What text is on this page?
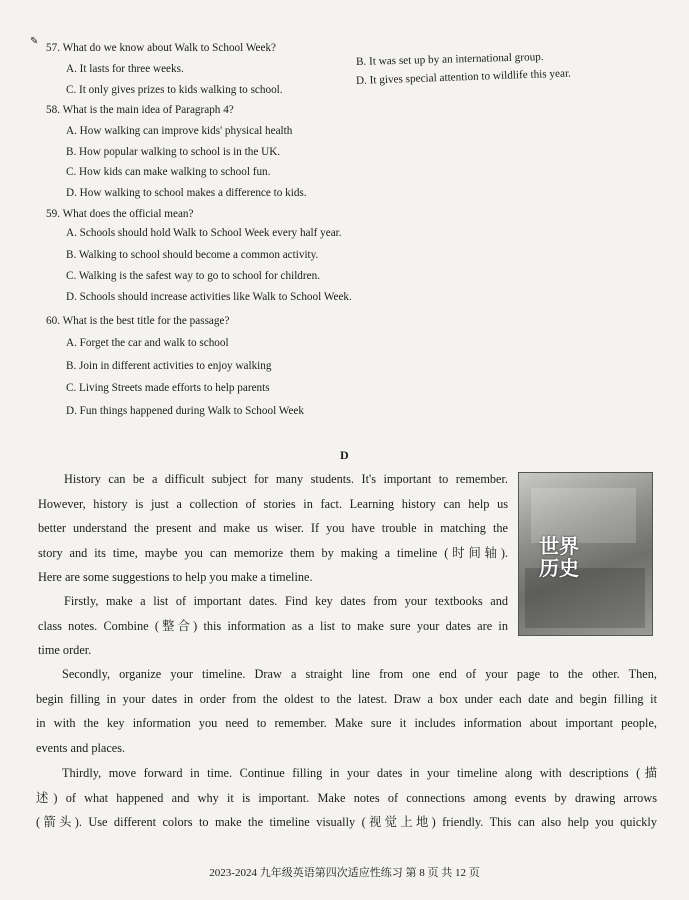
✎
57. What do we know about Walk to School Week?
A. It lasts for three weeks.
B. It was set up by an international group.
C. It only gives prizes to kids walking to school.
D. It gives special attention to wildlife this year.
58. What is the main idea of Paragraph 4?
A. How walking can improve kids' physical health
B. How popular walking to school is in the UK.
C. How kids can make walking to school fun.
D. How walking to school makes a difference to kids.
59. What does the official mean?
A. Schools should hold Walk to School Week every half year.
B. Walking to school should become a common activity.
C. Walking is the safest way to go to school for children.
D. Schools should increase activities like Walk to School Week.
60. What is the best title for the passage?
A. Forget the car and walk to school
B. Join in different activities to enjoy walking
C. Living Streets made efforts to help parents
D. Fun things happened during Walk to School Week
D
History can be a difficult subject for many students. It's important to remember.
However, history is just a collection of stories in fact. Learning history can help us
better understand the present and make us wiser. If you have trouble in matching the
story and its time, maybe you can memorize them by making a timeline (时间轴).
Here are some suggestions to help you make a timeline.
Firstly, make a list of important dates. Find key dates from your textbooks and
class notes. Combine (整合) this information as a list to make sure your dates are in
time order.
Secondly, organize your timeline. Draw a straight line from one end of your page to the other. Then,
begin filling in your dates in order from the oldest to the latest. Draw a box under each date and begin filling it
in with the key information you need to remember. Make sure it includes information about important people,
events and places.
Thirdly, move forward in time. Continue filling in your dates in your timeline along with descriptions (描
述) of what happened and why it is important. Make notes of connections among events by drawing arrows
(箭头). Use different colors to make the timeline visually (视觉上地) friendly. This can also help you quickly
世界
历史
2023-2024 九年级英语第四次适应性练习 第 8 页 共 12 页
